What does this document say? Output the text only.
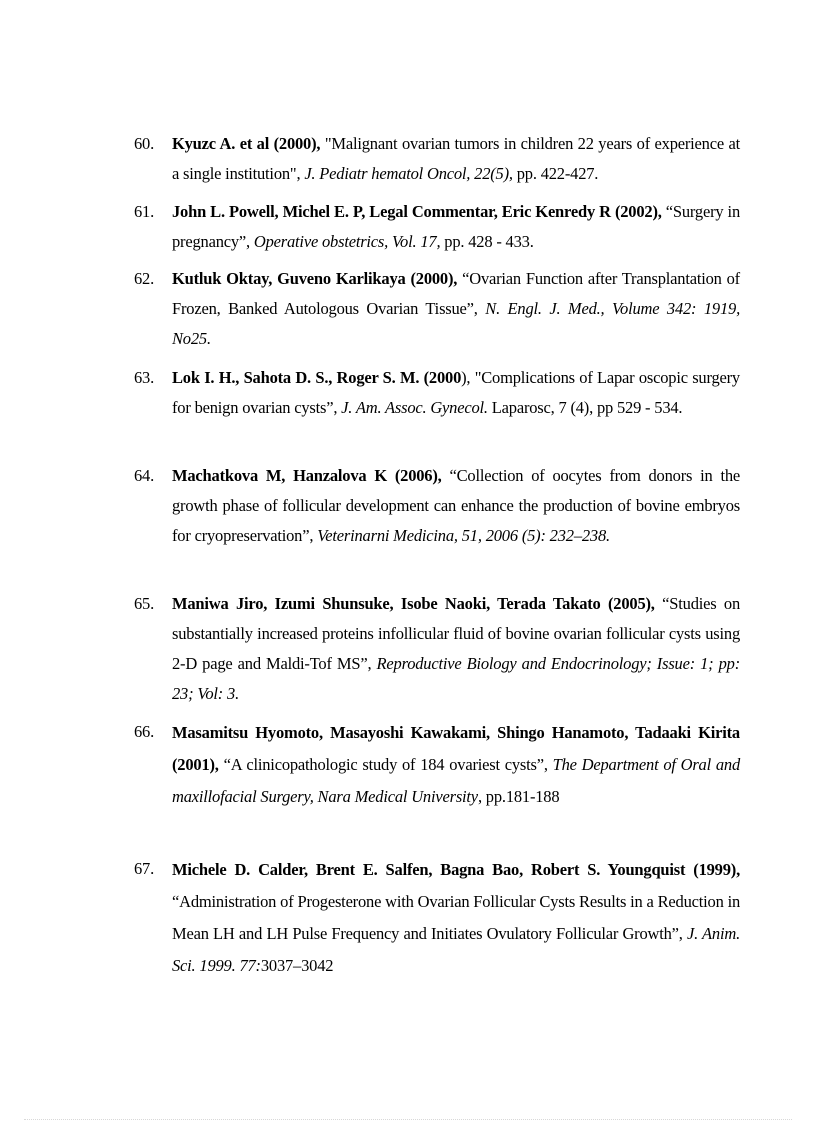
60.	Kyuzc A. et al (2000), "Malignant ovarian tumors in children 22 years of experience at a single institution", J. Pediatr hematol Oncol, 22(5), pp. 422-427.
61.	John L. Powell, Michel E. P, Legal Commentar, Eric Kenredy R (2002), “Surgery in pregnancy”, Operative obstetrics, Vol. 17, pp. 428 - 433.
62.	Kutluk Oktay, Guveno Karlikaya (2000), “Ovarian Function after Transplantation of Frozen, Banked Autologous Ovarian Tissue”, N. Engl. J. Med., Volume 342: 1919, No25.
63.	Lok I. H., Sahota D. S., Roger S. M. (2000), "Complications of Lapar oscopic surgery for benign ovarian cysts”, J. Am. Assoc. Gynecol. Laparosc, 7 (4), pp 529 - 534.
64.	Machatkova M, Hanzalova K (2006), “Collection of oocytes from donors in the growth phase of follicular development can enhance the production of bovine embryos for cryopreservation”, Veterinarni Medicina, 51, 2006 (5): 232–238.
65.	Maniwa Jiro, Izumi Shunsuke, Isobe Naoki, Terada Takato (2005), “Studies on substantially increased proteins infollicular fluid of bovine ovarian follicular cysts using 2-D page and Maldi-Tof MS”, Reproductive Biology and Endocrinology; Issue: 1; pp: 23; Vol: 3.
66.	Masamitsu Hyomoto, Masayoshi Kawakami, Shingo Hanamoto, Tadaaki Kirita (2001), “A clinicopathologic study of 184 ovariest cysts”, The Department of Oral and maxillofacial Surgery, Nara Medical University, pp.181-188
67.	Michele D. Calder, Brent E. Salfen, Bagna Bao, Robert S. Youngquist (1999), “Administration of Progesterone with Ovarian Follicular Cysts Results in a Reduction in Mean LH and LH Pulse Frequency and Initiates Ovulatory Follicular Growth”, J. Anim. Sci. 1999. 77:3037–3042
